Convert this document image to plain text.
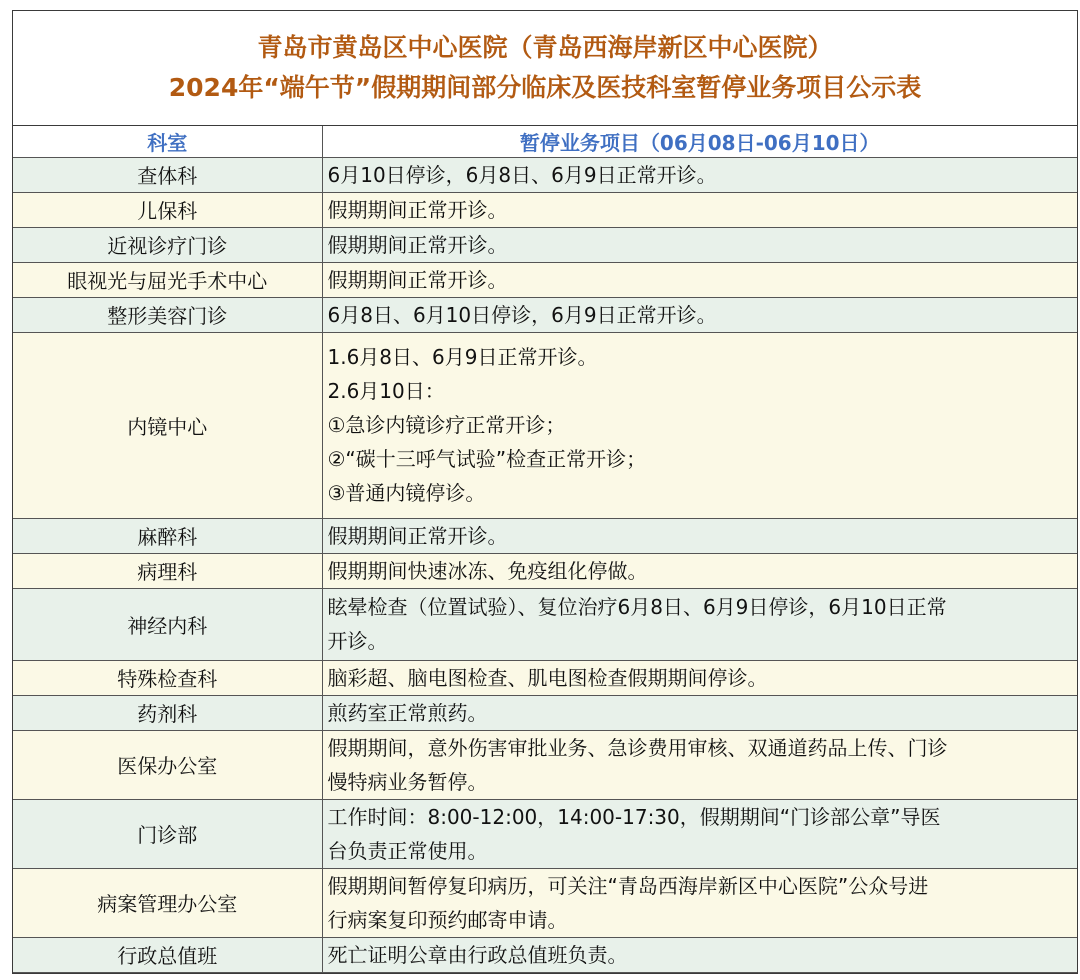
青岛市黄岛区中心医院（青岛西海岸新区中心医院）
2024年“端午节”假期期间部分临床及医技科室暂停业务项目公示表
科室	暂停业务项目（06月08日-06月10日）
查体科	6月10日停诊，6月8日、6月9日正常开诊。

儿保科	假期期间正常开诊。

近视诊疗门诊	假期期间正常开诊。

眼视光与屈光手术中心	假期期间正常开诊。

整形美容门诊	6月8日、6月10日停诊，6月9日正常开诊。

内镜中心	1.6月8日、6月9日正常开诊。
2.6月10日：
①急诊内镜诊疗正常开诊；
②“碳十三呼气试验”检查正常开诊；
③普通内镜停诊。

麻醉科	假期期间正常开诊。

病理科	假期期间快速冰冻、免疫组化停做。

神经内科	眩晕检查（位置试验）、复位治疗6月8日、6月9日停诊，6月10日正常
开诊。

特殊检查科	脑彩超、脑电图检查、肌电图检查假期期间停诊。

药剂科	煎药室正常煎药。

医保办公室	假期期间，意外伤害审批业务、急诊费用审核、双通道药品上传、门诊
慢特病业务暂停。

门诊部	工作时间：8:00-12:00，14:00-17:30，假期期间“门诊部公章”导医
台负责正常使用。

病案管理办公室	假期期间暂停复印病历，可关注“青岛西海岸新区中心医院”公众号进
行病案复印预约邮寄申请。

行政总值班	死亡证明公章由行政总值班负责。
